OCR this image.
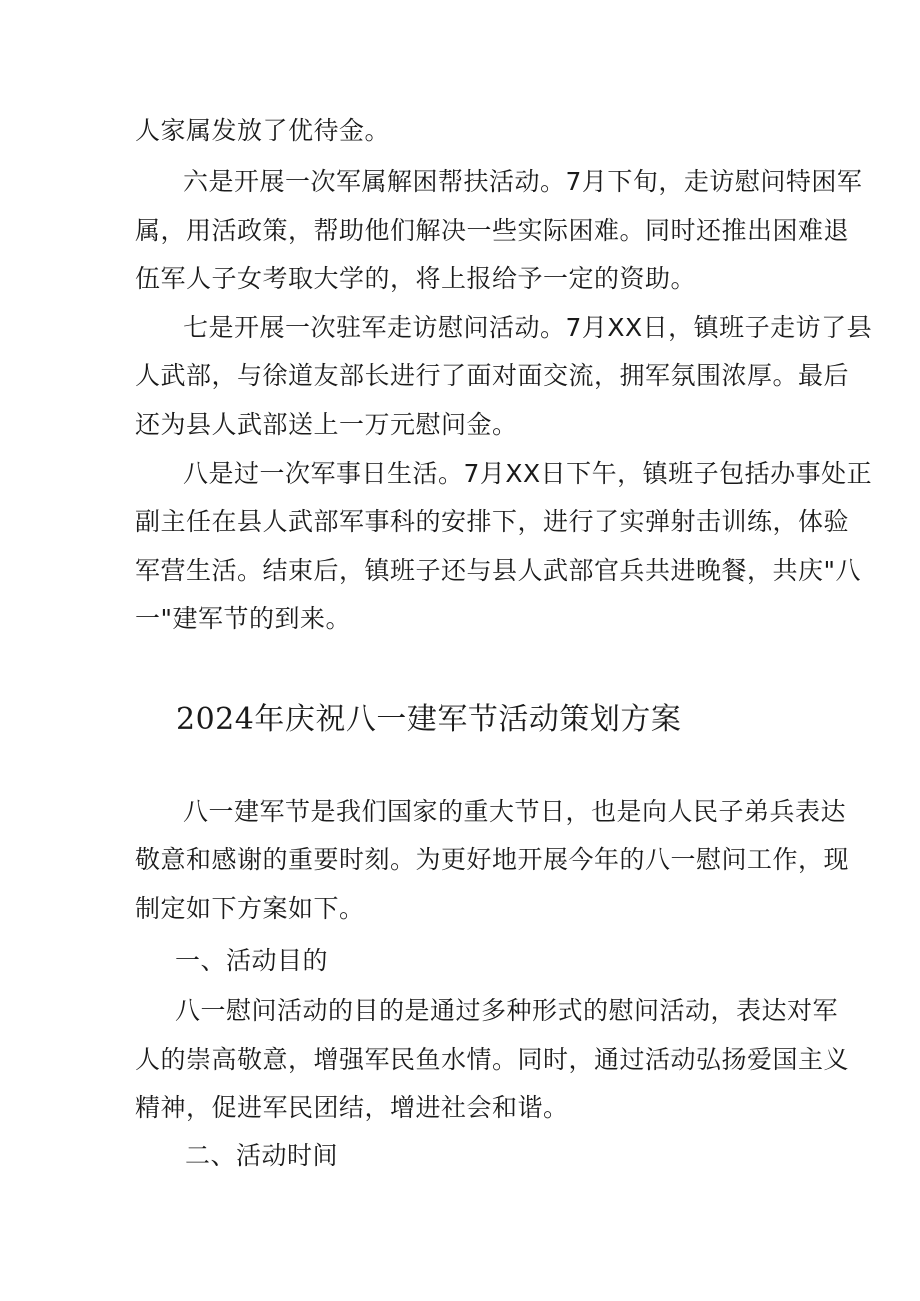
人家属发放了优待金。
六是开展一次军属解困帮扶活动。7月下旬，走访慰问特困军
属，用活政策，帮助他们解决一些实际困难。同时还推出困难退
伍军人子女考取大学的，将上报给予一定的资助。
七是开展一次驻军走访慰问活动。7月XX日，镇班子走访了县
人武部，与徐道友部长进行了面对面交流，拥军氛围浓厚。最后
还为县人武部送上一万元慰问金。
八是过一次军事日生活。7月XX日下午，镇班子包括办事处正
副主任在县人武部军事科的安排下，进行了实弹射击训练，体验
军营生活。结束后，镇班子还与县人武部官兵共进晚餐，共庆"八
一"建军节的到来。
2024年庆祝八一建军节活动策划方案
八一建军节是我们国家的重大节日，也是向人民子弟兵表达
敬意和感谢的重要时刻。为更好地开展今年的八一慰问工作，现
制定如下方案如下。
一、活动目的
八一慰问活动的目的是通过多种形式的慰问活动，表达对军
人的崇高敬意，增强军民鱼水情。同时，通过活动弘扬爱国主义
精神，促进军民团结，增进社会和谐。
二、活动时间
